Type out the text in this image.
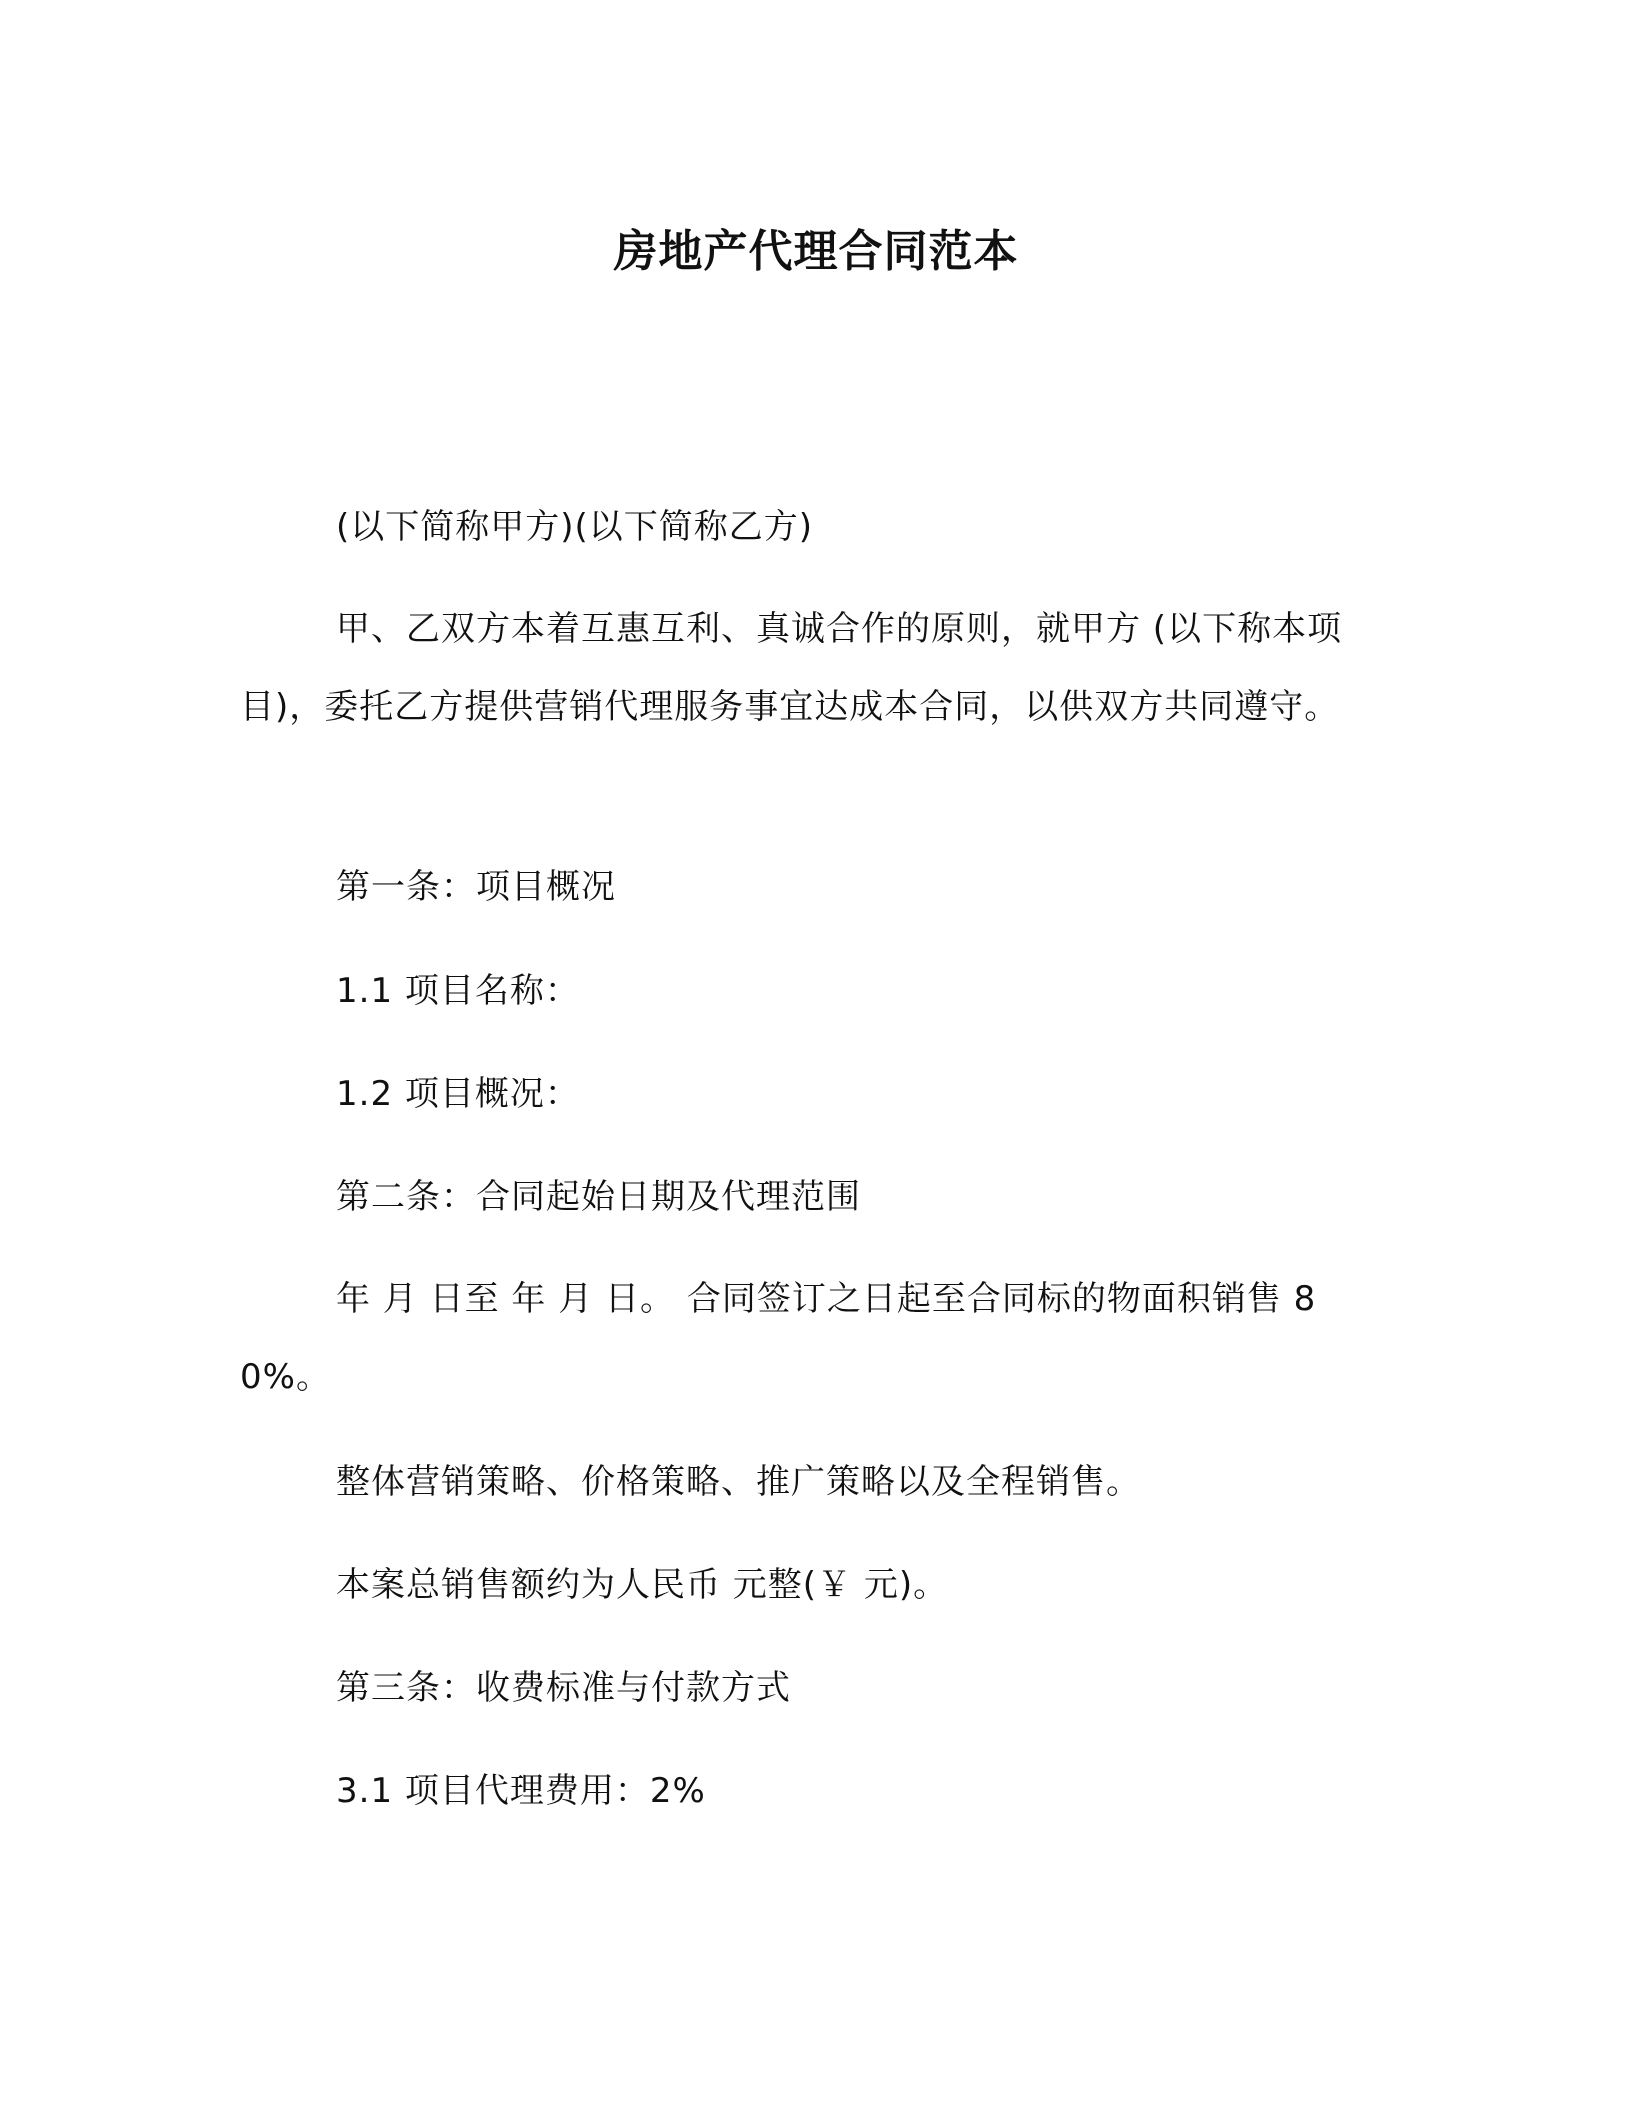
房地产代理合同范本

(以下简称甲方)(以下简称乙方)

甲、乙双方本着互惠互利、真诚合作的原则，就甲方 (以下称本项目)，委托乙方提供营销代理服务事宜达成本合同，以供双方共同遵守。

第一条：项目概况

1.1 项目名称：

1.2 项目概况：

第二条：合同起始日期及代理范围

年 月 日至 年 月 日。 合同签订之日起至合同标的物面积销售 80%。

整体营销策略、价格策略、推广策略以及全程销售。

本案总销售额约为人民币 元整(￥ 元)。

第三条：收费标准与付款方式

3.1 项目代理费用：2%
